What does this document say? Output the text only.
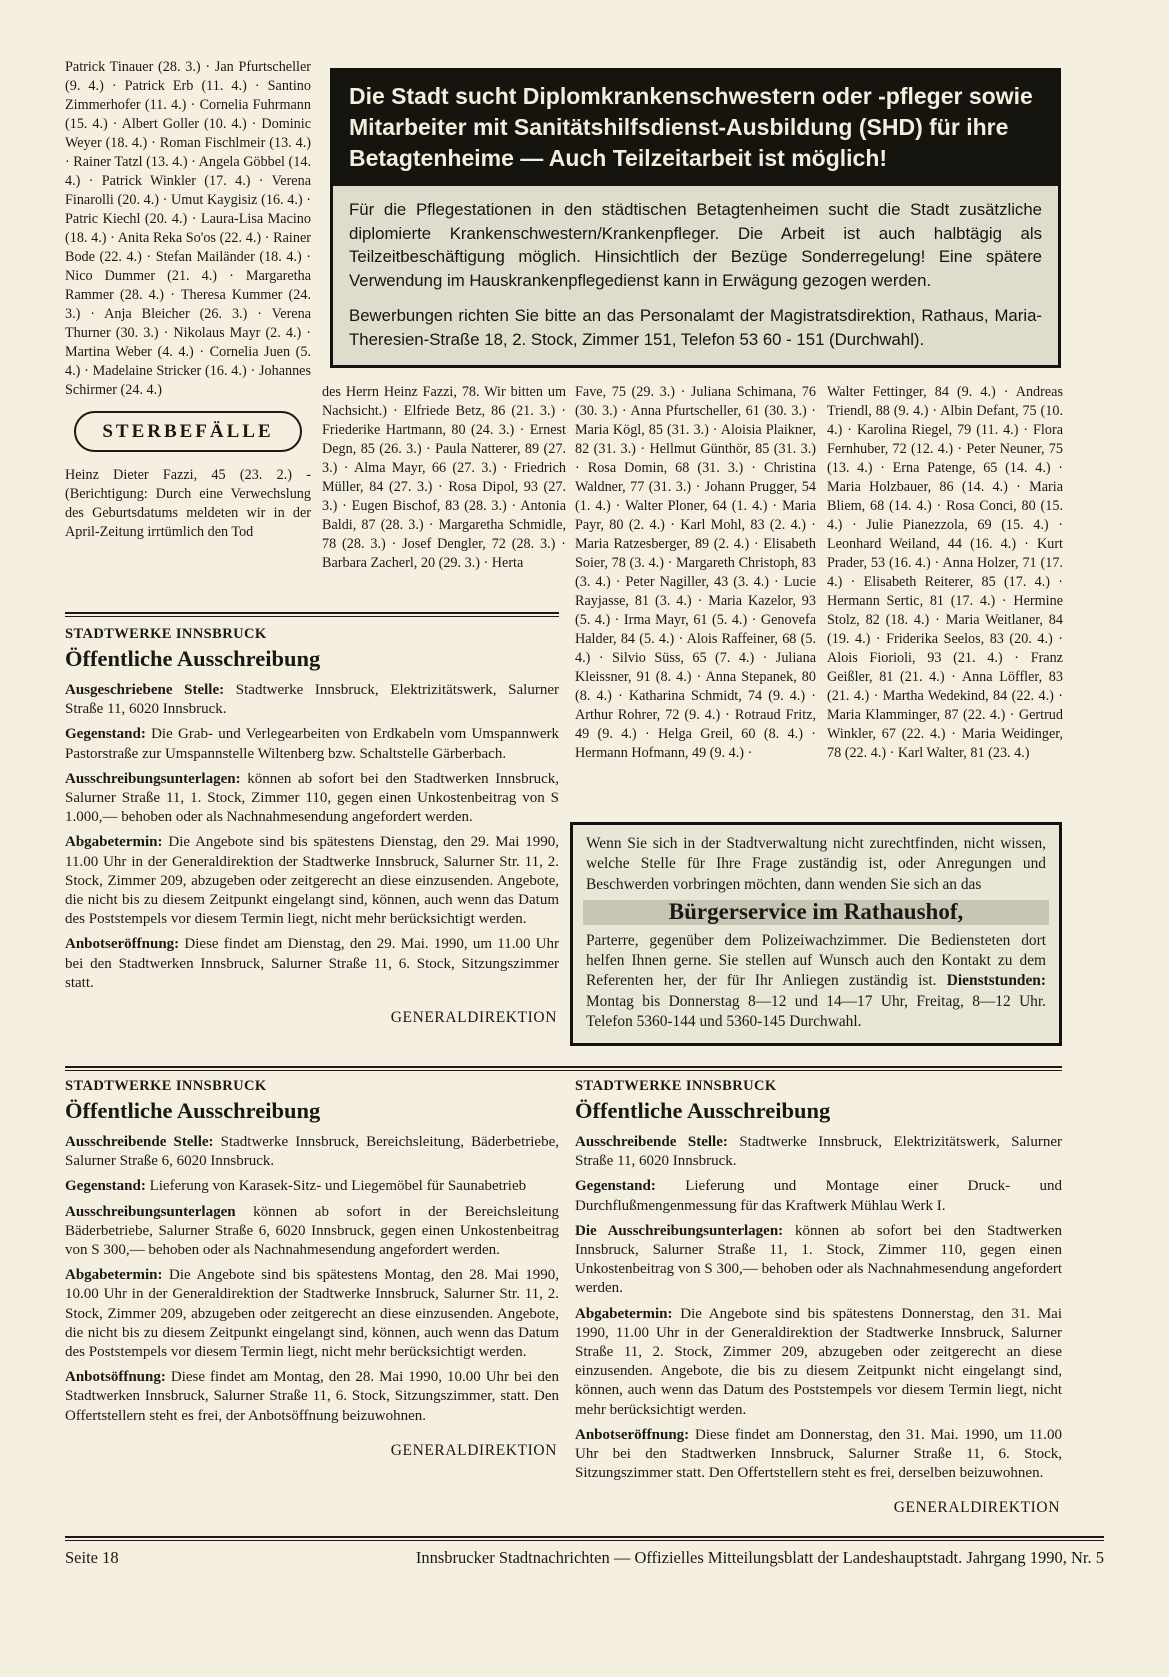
Patrick Tinauer (28. 3.) · Jan Pfurtscheller (9. 4.) · Patrick Erb (11. 4.) · Santino Zimmerhofer (11. 4.) · Cornelia Fuhrmann (15. 4.) · Albert Goller (10. 4.) · Dominic Weyer (18. 4.) · Roman Fischlmeir (13. 4.) · Rainer Tatzl (13. 4.) · Angela Göbbel (14. 4.) · Patrick Winkler (17. 4.) · Verena Finarolli (20. 4.) · Umut Kaygisiz (16. 4.) · Patric Kiechl (20. 4.) · Laura-Lisa Macino (18. 4.) · Anita Reka So'os (22. 4.) · Rainer Bode (22. 4.) · Stefan Mailänder (18. 4.) · Nico Dummer (21. 4.) · Margaretha Rammer (28. 4.) · Theresa Kummer (24. 3.) · Anja Bleicher (26. 3.) · Verena Thurner (30. 3.) · Nikolaus Mayr (2. 4.) · Martina Weber (4. 4.) · Cornelia Juen (5. 4.) · Madelaine Stricker (16. 4.) · Johannes Schirmer (24. 4.)

STERBEFÄLLE

Heinz Dieter Fazzi, 45 (23. 2.) - (Berichtigung: Durch eine Verwechslung des Geburtsdatums meldeten wir in der April-Zeitung irrtümlich den Tod

Die Stadt sucht Diplomkrankenschwestern oder -pfleger sowie Mitarbeiter mit Sanitätshilfsdienst-Ausbildung (SHD) für ihre Betagtenheime — Auch Teilzeitarbeit ist möglich!

Für die Pflegestationen in den städtischen Betagtenheimen sucht die Stadt zusätzliche diplomierte Krankenschwestern/Krankenpfleger. Die Arbeit ist auch halbtägig als Teilzeitbeschäftigung möglich. Hinsichtlich der Bezüge Sonderregelung! Eine spätere Verwendung im Hauskrankenpflegedienst kann in Erwägung gezogen werden.

Bewerbungen richten Sie bitte an das Personalamt der Magistratsdirektion, Rathaus, Maria-Theresien-Straße 18, 2. Stock, Zimmer 151, Telefon 53 60 - 151 (Durchwahl).

des Herrn Heinz Fazzi, 78. Wir bitten um Nachsicht.) · Elfriede Betz, 86 (21. 3.) · Friederike Hartmann, 80 (24. 3.) · Ernest Degn, 85 (26. 3.) · Paula Natterer, 89 (27. 3.) · Alma Mayr, 66 (27. 3.) · Friedrich Müller, 84 (27. 3.) · Rosa Dipol, 93 (27. 3.) · Eugen Bischof, 83 (28. 3.) · Antonia Baldi, 87 (28. 3.) · Margaretha Schmidle, 78 (28. 3.) · Josef Dengler, 72 (28. 3.) · Barbara Zacherl, 20 (29. 3.) · Herta

Fave, 75 (29. 3.) · Juliana Schimana, 76 (30. 3.) · Anna Pfurtscheller, 61 (30. 3.) · Maria Kögl, 85 (31. 3.) · Aloisia Plaikner, 82 (31. 3.) · Hellmut Günthör, 85 (31. 3.) · Rosa Domin, 68 (31. 3.) · Christina Waldner, 77 (31. 3.) · Johann Prugger, 54 (1. 4.) · Walter Ploner, 64 (1. 4.) · Maria Payr, 80 (2. 4.) · Karl Mohl, 83 (2. 4.) · Maria Ratzesberger, 89 (2. 4.) · Elisabeth Soier, 78 (3. 4.) · Margareth Christoph, 83 (3. 4.) · Peter Nagiller, 43 (3. 4.) · Lucie Rayjasse, 81 (3. 4.) · Maria Kazelor, 93 (5. 4.) · Irma Mayr, 61 (5. 4.) · Genovefa Halder, 84 (5. 4.) · Alois Raffeiner, 68 (5. 4.) · Silvio Süss, 65 (7. 4.) · Juliana Kleissner, 91 (8. 4.) · Anna Stepanek, 80 (8. 4.) · Katharina Schmidt, 74 (9. 4.) · Arthur Rohrer, 72 (9. 4.) · Rotraud Fritz, 49 (9. 4.) · Helga Greil, 60 (8. 4.) · Hermann Hofmann, 49 (9. 4.) ·

Walter Fettinger, 84 (9. 4.) · Andreas Triendl, 88 (9. 4.) · Albin Defant, 75 (10. 4.) · Karolina Riegel, 79 (11. 4.) · Flora Fernhuber, 72 (12. 4.) · Peter Neuner, 75 (13. 4.) · Erna Patenge, 65 (14. 4.) · Maria Holzbauer, 86 (14. 4.) · Maria Bliem, 68 (14. 4.) · Rosa Conci, 80 (15. 4.) · Julie Pianezzola, 69 (15. 4.) · Leonhard Weiland, 44 (16. 4.) · Kurt Prader, 53 (16. 4.) · Anna Holzer, 71 (17. 4.) · Elisabeth Reiterer, 85 (17. 4.) · Hermann Sertic, 81 (17. 4.) · Hermine Stolz, 82 (18. 4.) · Maria Weitlaner, 84 (19. 4.) · Friderika Seelos, 83 (20. 4.) · Alois Fiorioli, 93 (21. 4.) · Franz Geißler, 81 (21. 4.) · Anna Löffler, 83 (21. 4.) · Martha Wedekind, 84 (22. 4.) · Maria Klamminger, 87 (22. 4.) · Gertrud Winkler, 67 (22. 4.) · Maria Weidinger, 78 (22. 4.) · Karl Walter, 81 (23. 4.)

STADTWERKE INNSBRUCK
Öffentliche Ausschreibung

Ausgeschriebene Stelle: Stadtwerke Innsbruck, Elektrizitätswerk, Salurner Straße 11, 6020 Innsbruck.

Gegenstand: Die Grab- und Verlegearbeiten von Erdkabeln vom Umspannwerk Pastorstraße zur Umspannstelle Wiltenberg bzw. Schaltstelle Gärberbach.

Ausschreibungsunterlagen: können ab sofort bei den Stadtwerken Innsbruck, Salurner Straße 11, 1. Stock, Zimmer 110, gegen einen Unkostenbeitrag von S 1.000,— behoben oder als Nachnahmesendung angefordert werden.

Abgabetermin: Die Angebote sind bis spätestens Dienstag, den 29. Mai 1990, 11.00 Uhr in der Generaldirektion der Stadtwerke Innsbruck, Salurner Str. 11, 2. Stock, Zimmer 209, abzugeben oder zeitgerecht an diese einzusenden. Angebote, die nicht bis zu diesem Zeitpunkt eingelangt sind, können, auch wenn das Datum des Poststempels vor diesem Termin liegt, nicht mehr berücksichtigt werden.

Anbotseröffnung: Diese findet am Dienstag, den 29. Mai. 1990, um 11.00 Uhr bei den Stadtwerken Innsbruck, Salurner Straße 11, 6. Stock, Sitzungszimmer statt.

GENERALDIREKTION

Wenn Sie sich in der Stadtverwaltung nicht zurechtfinden, nicht wissen, welche Stelle für Ihre Frage zuständig ist, oder Anregungen und Beschwerden vorbringen möchten, dann wenden Sie sich an das

Bürgerservice im Rathaushof,

Parterre, gegenüber dem Polizeiwachzimmer. Die Bediensteten dort helfen Ihnen gerne. Sie stellen auf Wunsch auch den Kontakt zu dem Referenten her, der für Ihr Anliegen zuständig ist. Dienststunden: Montag bis Donnerstag 8—12 und 14—17 Uhr, Freitag, 8—12 Uhr. Telefon 5360-144 und 5360-145 Durchwahl.

STADTWERKE INNSBRUCK
Öffentliche Ausschreibung

Ausschreibende Stelle: Stadtwerke Innsbruck, Bereichsleitung, Bäderbetriebe, Salurner Straße 6, 6020 Innsbruck.

Gegenstand: Lieferung von Karasek-Sitz- und Liegemöbel für Saunabetrieb

Ausschreibungsunterlagen können ab sofort in der Bereichsleitung Bäderbetriebe, Salurner Straße 6, 6020 Innsbruck, gegen einen Unkostenbeitrag von S 300,— behoben oder als Nachnahmesendung angefordert werden.

Abgabetermin: Die Angebote sind bis spätestens Montag, den 28. Mai 1990, 10.00 Uhr in der Generaldirektion der Stadtwerke Innsbruck, Salurner Str. 11, 2. Stock, Zimmer 209, abzugeben oder zeitgerecht an diese einzusenden. Angebote, die nicht bis zu diesem Zeitpunkt eingelangt sind, können, auch wenn das Datum des Poststempels vor diesem Termin liegt, nicht mehr berücksichtigt werden.

Anbotsöffnung: Diese findet am Montag, den 28. Mai 1990, 10.00 Uhr bei den Stadtwerken Innsbruck, Salurner Straße 11, 6. Stock, Sitzungszimmer, statt. Den Offertstellern steht es frei, der Anbotsöffnung beizuwohnen.

GENERALDIREKTION
STADTWERKE INNSBRUCK
Öffentliche Ausschreibung

Ausschreibende Stelle: Stadtwerke Innsbruck, Elektrizitätswerk, Salurner Straße 11, 6020 Innsbruck.

Gegenstand: Lieferung und Montage einer Druck- und Durchflußmengenmessung für das Kraftwerk Mühlau Werk I.

Die Ausschreibungsunterlagen: können ab sofort bei den Stadtwerken Innsbruck, Salurner Straße 11, 1. Stock, Zimmer 110, gegen einen Unkostenbeitrag von S 300,— behoben oder als Nachnahmesendung angefordert werden.

Abgabetermin: Die Angebote sind bis spätestens Donnerstag, den 31. Mai 1990, 11.00 Uhr in der Generaldirektion der Stadtwerke Innsbruck, Salurner Straße 11, 2. Stock, Zimmer 209, abzugeben oder zeitgerecht an diese einzusenden. Angebote, die bis zu diesem Zeitpunkt nicht eingelangt sind, können, auch wenn das Datum des Poststempels vor diesem Termin liegt, nicht mehr berücksichtigt werden.

Anbotseröffnung: Diese findet am Donnerstag, den 31. Mai. 1990, um 11.00 Uhr bei den Stadtwerken Innsbruck, Salurner Straße 11, 6. Stock, Sitzungszimmer statt. Den Offertstellern steht es frei, derselben beizuwohnen.

GENERALDIREKTION
Seite 18	Innsbrucker Stadtnachrichten — Offizielles Mitteilungsblatt der Landeshauptstadt. Jahrgang 1990, Nr. 5
